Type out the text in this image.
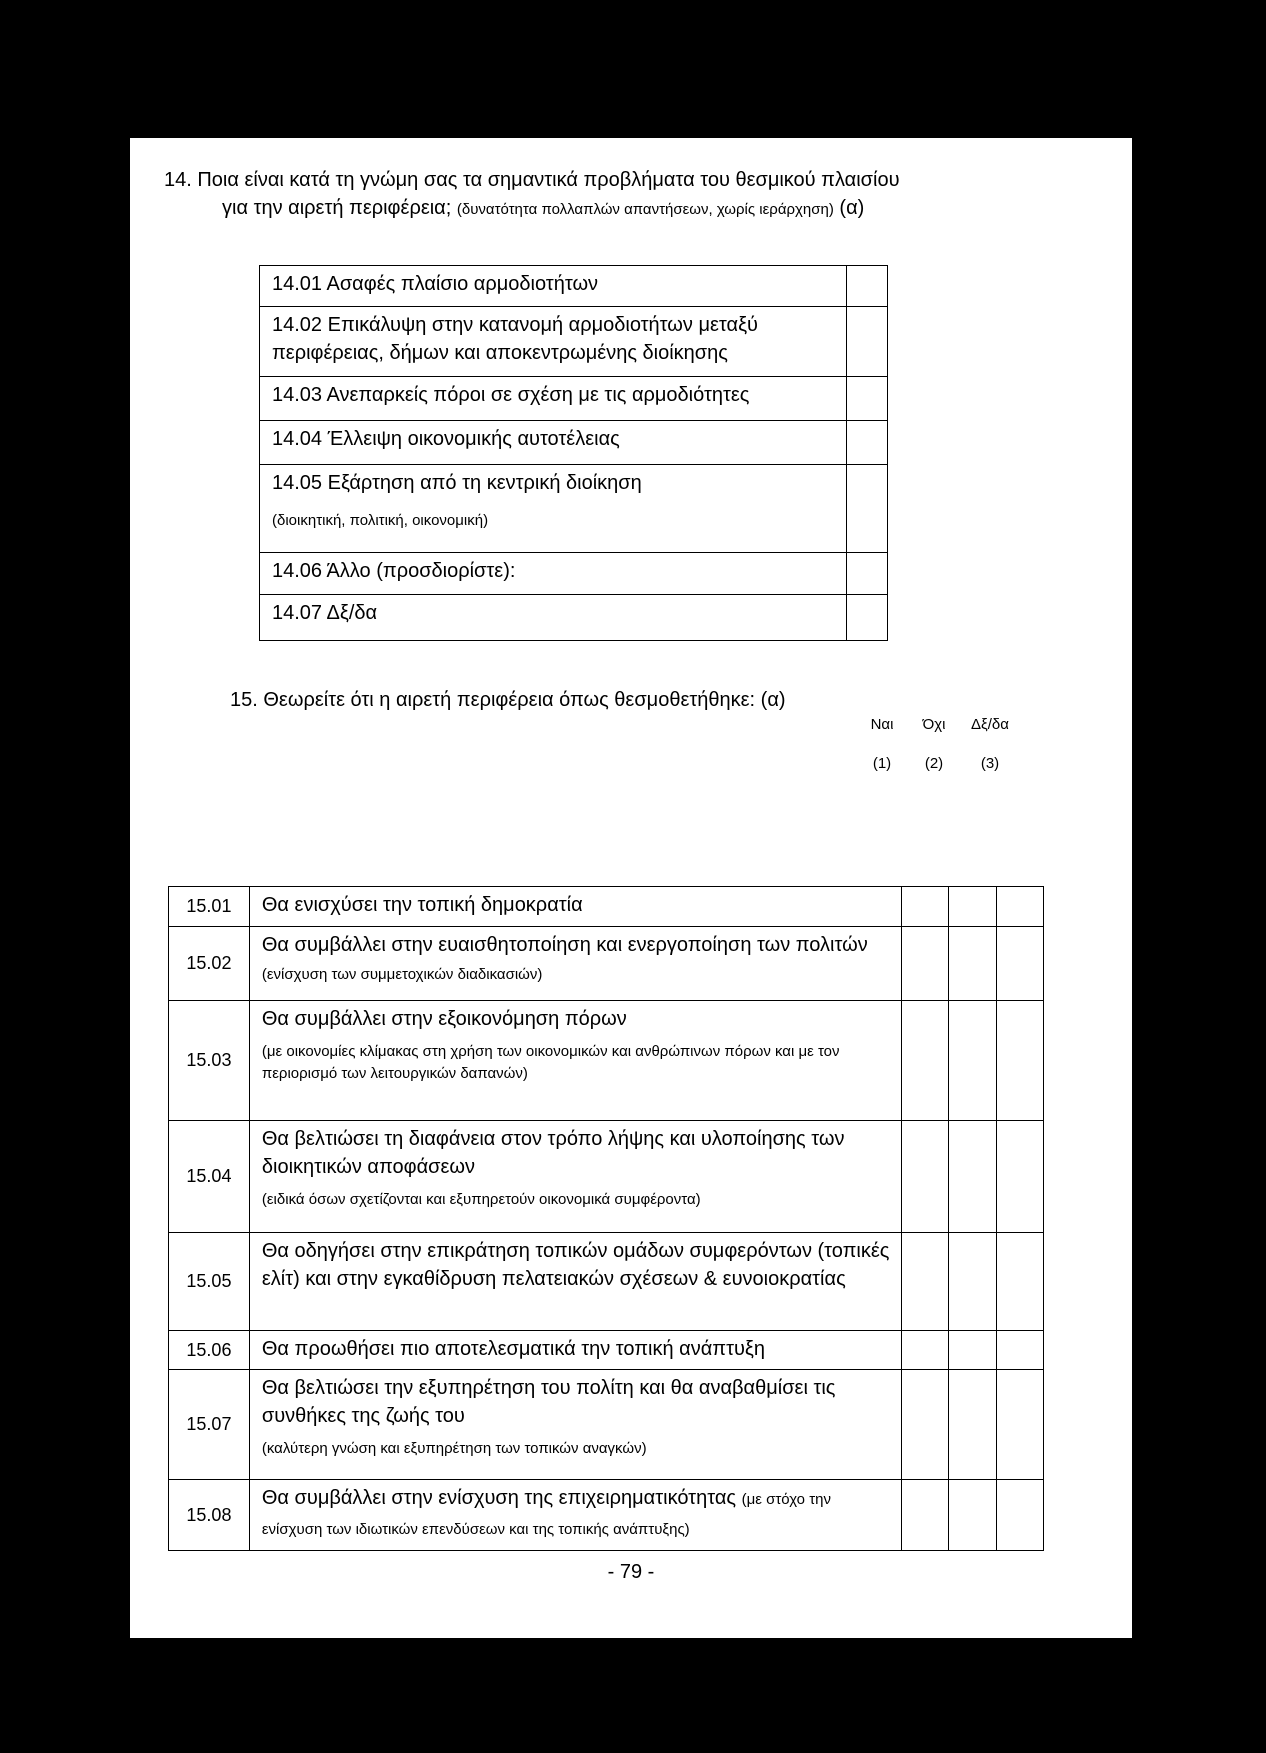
14. Ποια είναι κατά τη γνώμη σας τα σημαντικά προβλήματα του θεσμικού πλαισίου
για την αιρετή περιφέρεια; (δυνατότητα πολλαπλών απαντήσεων, χωρίς ιεράρχηση) (α)
14.01 Ασαφές πλαίσιο αρμοδιοτήτων	
14.02 Επικάλυψη στην κατανομή αρμοδιοτήτων μεταξύ περιφέρειας, δήμων και αποκεντρωμένης διοίκησης	
14.03 Ανεπαρκείς πόροι σε σχέση με τις αρμοδιότητες	
14.04 Έλλειψη οικονομικής αυτοτέλειας	
14.05 Εξάρτηση από τη κεντρική διοίκηση
(διοικητική, πολιτική, οικονομική)	

14.06 Άλλο (προσδιορίστε):	
14.07 Δξ/δα	
15. Θεωρείτε ότι η αιρετή περιφέρεια όπως θεσμοθετήθηκε: (α)
Ναι	Όχι	Δξ/δα
(1)	(2)	(3)
15.01	Θα ενισχύσει την τοπική δημοκρατία			
15.02	Θα συμβάλλει στην ευαισθητοποίηση και ενεργοποίηση των πολιτών (ενίσχυση των συμμετοχικών διαδικασιών)			
15.03	Θα συμβάλλει στην εξοικονόμηση πόρων
(με οικονομίες κλίμακας στη χρήση των οικονομικών και ανθρώπινων πόρων και με τον περιορισμό των λειτουργικών δαπανών)			

15.04	Θα βελτιώσει τη διαφάνεια στον τρόπο λήψης και υλοποίησης των διοικητικών αποφάσεων
(ειδικά όσων σχετίζονται και εξυπηρετούν οικονομικά συμφέροντα)			

15.05	Θα οδηγήσει στην επικράτηση τοπικών ομάδων συμφερόντων (τοπικές ελίτ) και στην εγκαθίδρυση πελατειακών σχέσεων & ευνοιοκρατίας			
15.06	Θα προωθήσει πιο αποτελεσματικά την τοπική ανάπτυξη			
15.07	Θα βελτιώσει την εξυπηρέτηση του πολίτη και θα αναβαθμίσει τις συνθήκες της ζωής του
(καλύτερη γνώση και εξυπηρέτηση των τοπικών αναγκών)			

15.08	Θα συμβάλλει στην ενίσχυση της επιχειρηματικότητας (με στόχο την ενίσχυση των ιδιωτικών επενδύσεων και της τοπικής ανάπτυξης)			
- 79 -
